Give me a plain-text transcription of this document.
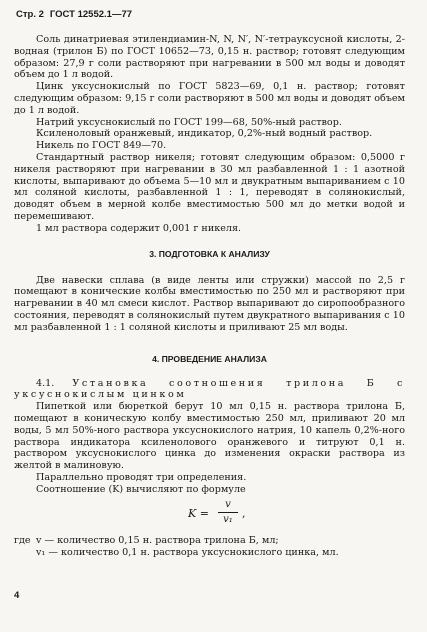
Стр. 2 ГОСТ 12552.1—77

Соль динатриевая этилендиамин-N, N, N′, N′-тетрауксусной кислоты, 2-водная (трилон Б) по ГОСТ 10652—73, 0,15 н. раствор; готовят следующим образом: 27,9 г соли растворяют при нагревании в 500 мл воды и доводят объем до 1 л водой.

Цинк уксуснокислый по ГОСТ 5823—69, 0,1 н. раствор; готовят следующим образом: 9,15 г соли растворяют в 500 мл воды и доводят объем до 1 л водой.

Натрий уксуснокислый по ГОСТ 199—68, 50%-ный раствор.

Ксиленоловый оранжевый, индикатор, 0,2%-ный водный раствор.

Никель по ГОСТ 849—70.

Стандартный раствор никеля; готовят следующим образом: 0,5000 г никеля растворяют при нагревании в 30 мл разбавленной 1 : 1 азотной кислоты, выпаривают до объема 5—10 мл и двукратным выпариванием с 10 мл соляной кислоты, разбавленной 1 : 1, переводят в солянокислый, доводят объем в мерной колбе вместимостью 500 мл до метки водой и перемешивают.

1 мл раствора содержит 0,001 г никеля.

3. ПОДГОТОВКА К АНАЛИЗУ

Две навески сплава (в виде ленты или стружки) массой по 2,5 г помещают в конические колбы вместимостью по 250 мл и растворяют при нагревании в 40 мл смеси кислот. Раствор выпаривают до сиропообразного состояния, переводят в солянокислый путем двукратного выпаривания с 10 мл разбавленной 1 : 1 соляной кислоты и приливают 25 мл воды.

4. ПРОВЕДЕНИЕ АНАЛИЗА

4.1. Установка соотношения трилона Б с уксуснокислым цинком

Пипеткой или бюреткой берут 10 мл 0,15 н. раствора трилона Б, помещают в коническую колбу вместимостью 250 мл, приливают 20 мл воды, 5 мл 50%-ного раствора уксуснокислого натрия, 10 капель 0,2%-ного раствора индикатора ксиленолового оранжевого и титруют 0,1 н. раствором уксуснокислого цинка до изменения окраски раствора из желтой в малиновую.

Параллельно проводят три определения.

Соотношение (K) вычисляют по формуле

K =
v
v₁ ,
где v — количество 0,15 н. раствора трилона Б, мл;
v₁ — количество 0,1 н. раствора уксуснокислого цинка, мл.
4
